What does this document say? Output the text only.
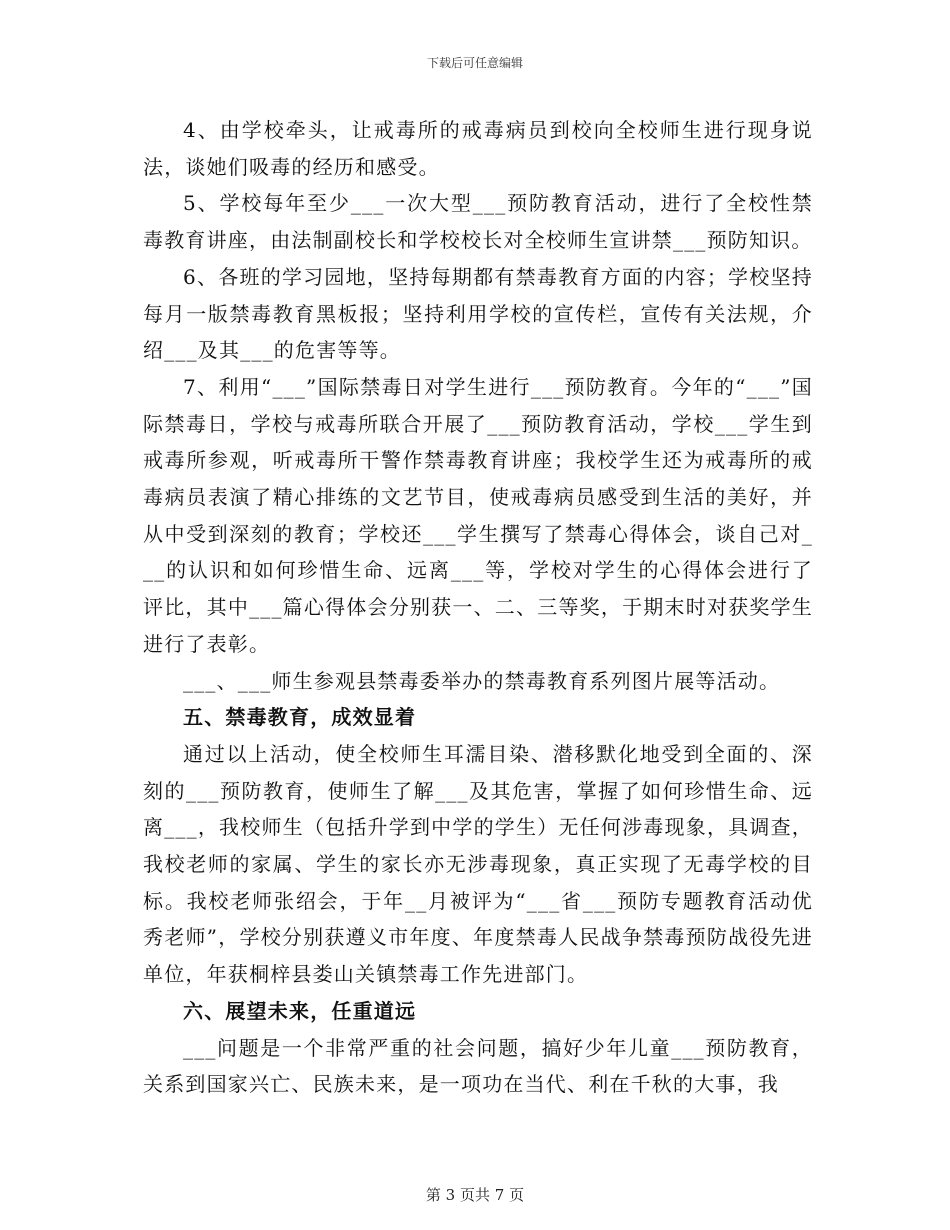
下载后可任意编辑

4、由学校牵头，让戒毒所的戒毒病员到校向全校师生进行现身说法，谈她们吸毒的经历和感受。

5、学校每年至少___一次大型___预防教育活动，进行了全校性禁毒教育讲座，由法制副校长和学校校长对全校师生宣讲禁___预防知识。

6、各班的学习园地，坚持每期都有禁毒教育方面的内容；学校坚持每月一版禁毒教育黑板报；坚持利用学校的宣传栏，宣传有关法规，介绍___及其___的危害等等。

7、利用“___”国际禁毒日对学生进行___预防教育。今年的“___”国际禁毒日，学校与戒毒所联合开展了___预防教育活动，学校___学生到戒毒所参观，听戒毒所干警作禁毒教育讲座；我校学生还为戒毒所的戒毒病员表演了精心排练的文艺节目，使戒毒病员感受到生活的美好，并从中受到深刻的教育；学校还___学生撰写了禁毒心得体会，谈自己对___的认识和如何珍惜生命、远离___等，学校对学生的心得体会进行了评比，其中___篇心得体会分别获一、二、三等奖，于期末时对获奖学生进行了表彰。

___、___师生参观县禁毒委举办的禁毒教育系列图片展等活动。

五、禁毒教育，成效显着

通过以上活动，使全校师生耳濡目染、潜移默化地受到全面的、深刻的___预防教育，使师生了解___及其危害，掌握了如何珍惜生命、远离___，我校师生（包括升学到中学的学生）无任何涉毒现象，具调查，我校老师的家属、学生的家长亦无涉毒现象，真正实现了无毒学校的目标。我校老师张绍会，于年__月被评为“___省___预防专题教育活动优秀老师”，学校分别获遵义市年度、年度禁毒人民战争禁毒预防战役先进单位，年获桐梓县娄山关镇禁毒工作先进部门。

六、展望未来，任重道远

___问题是一个非常严重的社会问题，搞好少年儿童___预防教育，关系到国家兴亡、民族未来，是一项功在当代、利在千秋的大事，我

第 3 页共 7 页
